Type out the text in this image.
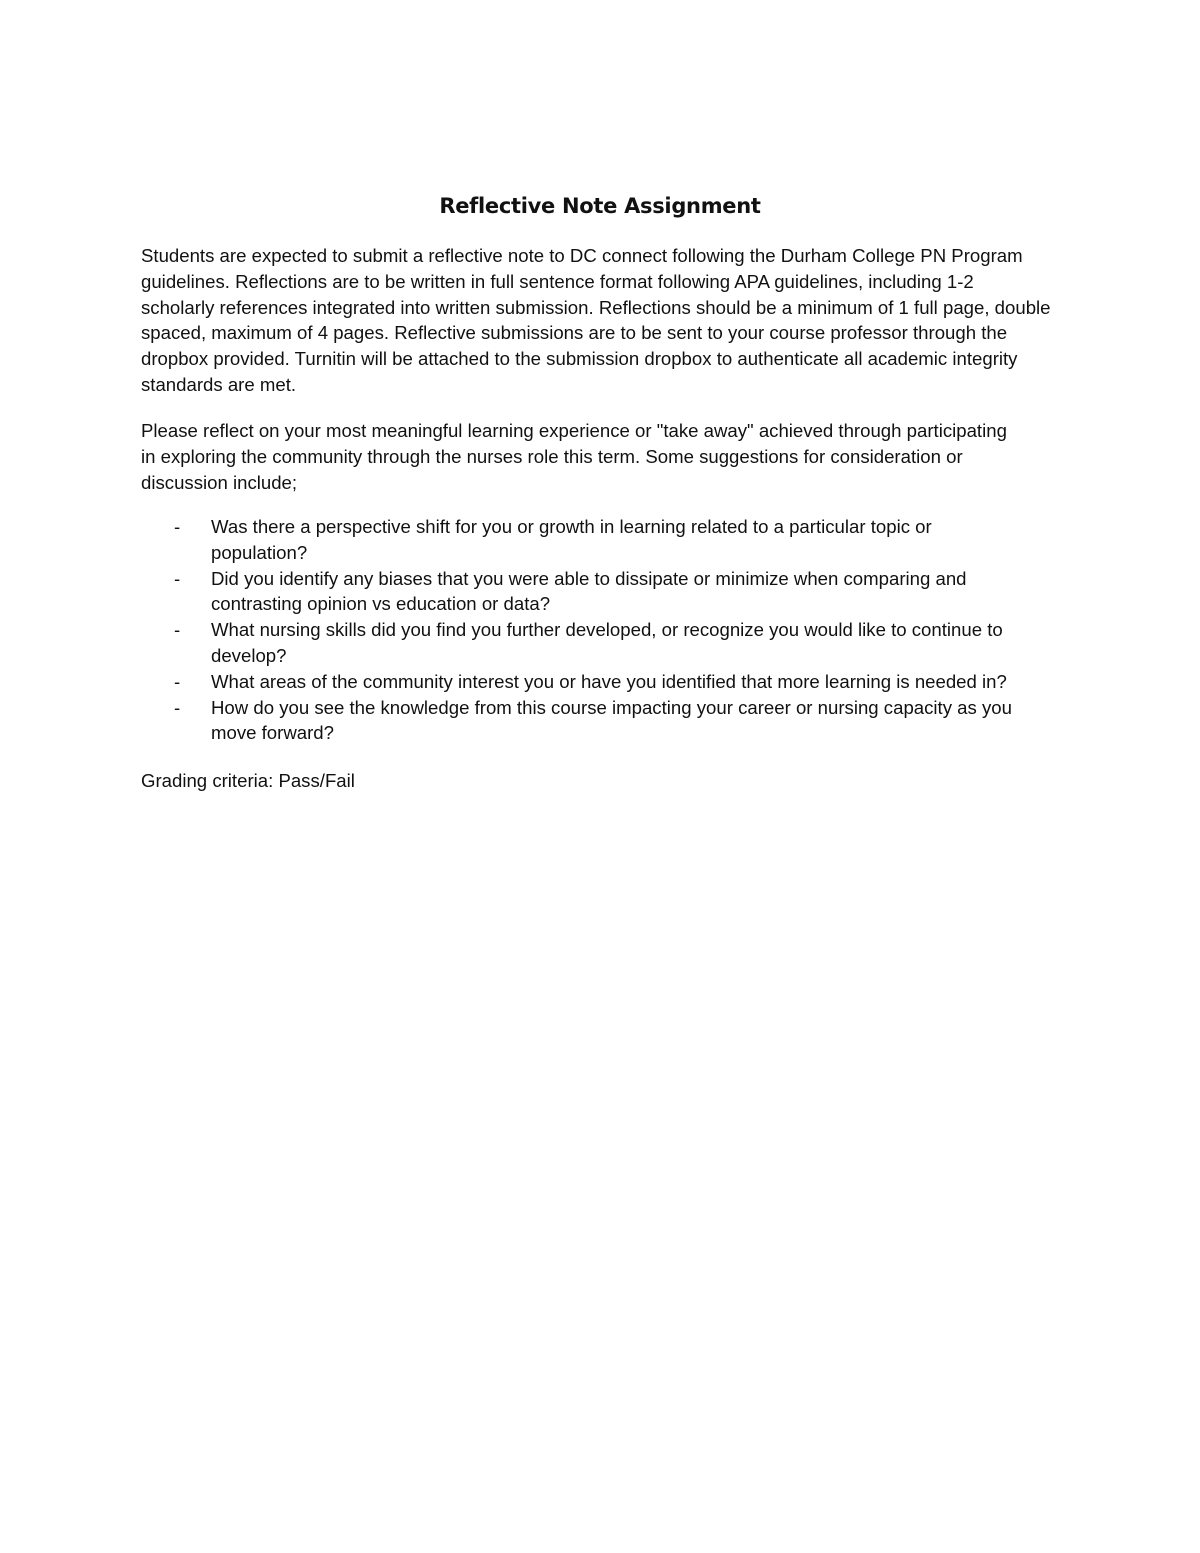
Reflective Note Assignment

Students are expected to submit a reflective note to DC connect following the Durham College PN Program
guidelines. Reflections are to be written in full sentence format following APA guidelines, including 1-2
scholarly references integrated into written submission. Reflections should be a minimum of 1 full page, double
spaced, maximum of 4 pages. Reflective submissions are to be sent to your course professor through the
dropbox provided. Turnitin will be attached to the submission dropbox to authenticate all academic integrity
standards are met.

Please reflect on your most meaningful learning experience or "take away" achieved through participating
in exploring the community through the nurses role this term. Some suggestions for consideration or
discussion include;

- Was there a perspective shift for you or growth in learning related to a particular topic or
population?
- Did you identify any biases that you were able to dissipate or minimize when comparing and
contrasting opinion vs education or data?
- What nursing skills did you find you further developed, or recognize you would like to continue to
develop?
- What areas of the community interest you or have you identified that more learning is needed in?
- How do you see the knowledge from this course impacting your career or nursing capacity as you
move forward?

Grading criteria: Pass/Fail
